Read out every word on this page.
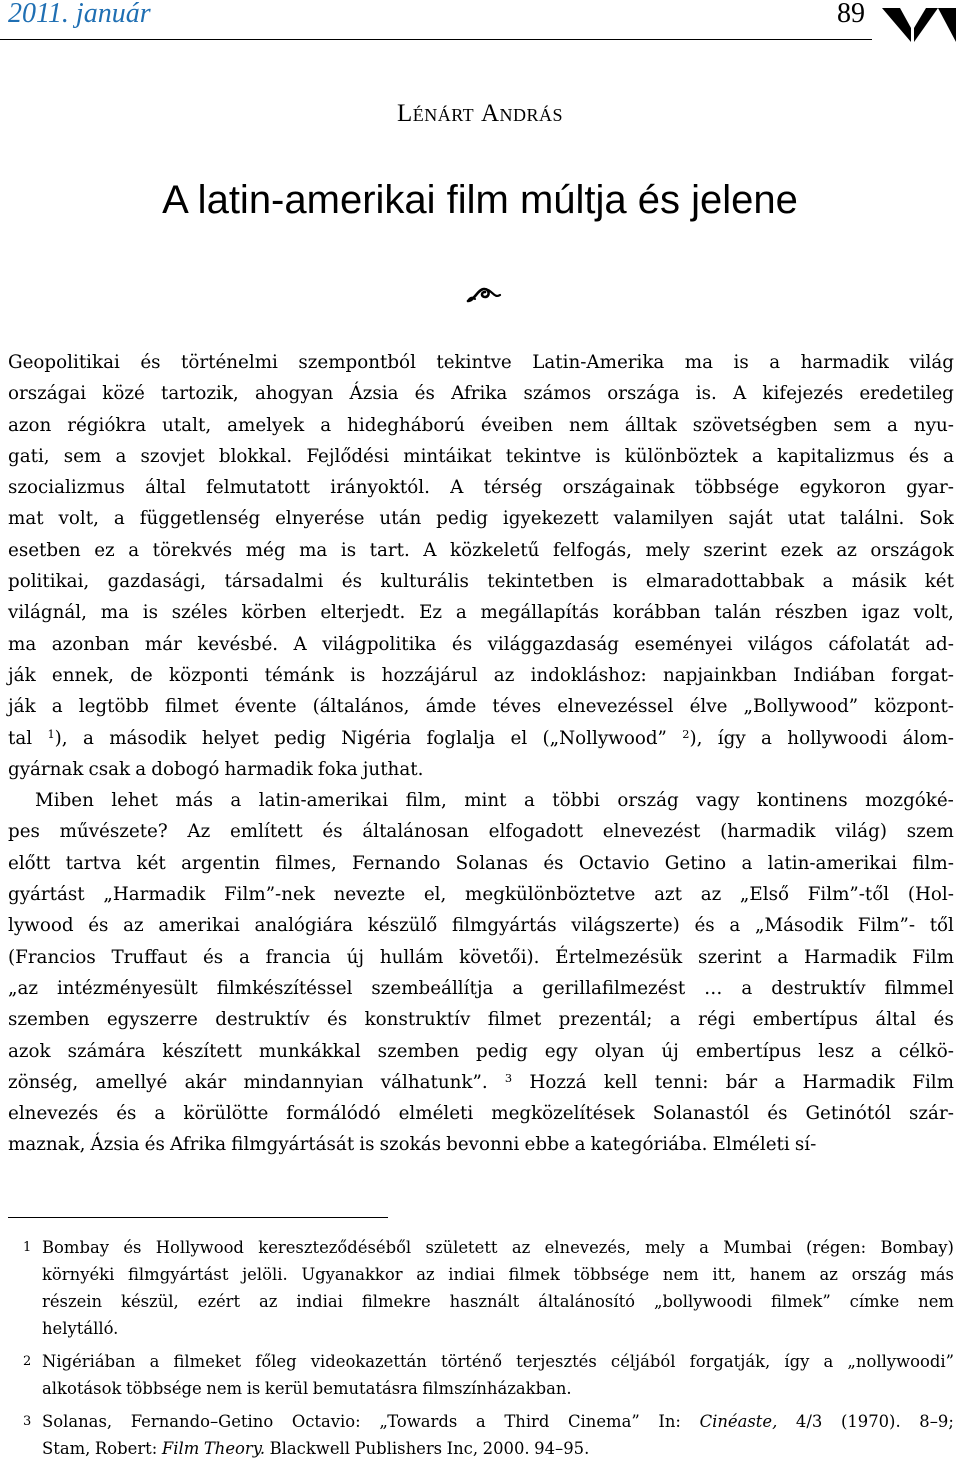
2011. január	89
LÉNÁRT ANDRÁS
A latin-amerikai film múltja és jelene
Geopolitikai és történelmi szempontból tekintve Latin-Amerika ma is a harmadik világ
országai közé tartozik, ahogyan Ázsia és Afrika számos országa is. A kifejezés eredetileg
azon régiókra utalt, amelyek a hidegháború éveiben nem álltak szövetségben sem a nyu-
gati, sem a szovjet blokkal. Fejlődési mintáikat tekintve is különböztek a kapitalizmus és a
szocializmus által felmutatott irányoktól. A térség országainak többsége egykoron gyar-
mat volt, a függetlenség elnyerése után pedig igyekezett valamilyen saját utat találni. Sok
esetben ez a törekvés még ma is tart. A közkeletű felfogás, mely szerint ezek az országok
politikai, gazdasági, társadalmi és kulturális tekintetben is elmaradottabbak a másik két
világnál, ma is széles körben elterjedt. Ez a megállapítás korábban talán részben igaz volt,
ma azonban már kevésbé. A világpolitika és világgazdaság eseményei világos cáfolatát ad-
ják ennek, de központi témánk is hozzájárul az indokláshoz: napjainkban Indiában forgat-
ják a legtöbb filmet évente (általános, ámde téves elnevezéssel élve „Bollywood” központ-
tal $^1$), a második helyet pedig Nigéria foglalja el („Nollywood” $^2$), így a hollywoodi álom-
gyárnak csak a dobogó harmadik foka juthat.
Miben lehet más a latin-amerikai film, mint a többi ország vagy kontinens mozgóké-
pes művészete? Az említett és általánosan elfogadott elnevezést (harmadik világ) szem
előtt tartva két argentin filmes, Fernando Solanas és Octavio Getino a latin-amerikai film-
gyártást „Harmadik Film”-nek nevezte el, megkülönböztetve azt az „Első Film”-től (Hol-
lywood és az amerikai analógiára készülő filmgyártás világszerte) és a „Második Film”- től
(Francios Truffaut és a francia új hullám követői). Értelmezésük szerint a Harmadik Film
„az intézményesült filmkészítéssel szembeállítja a gerillafilmezést … a destruktív filmmel
szemben egyszerre destruktív és konstruktív filmet prezentál; a régi embertípus által és
azok számára készített munkákkal szemben pedig egy olyan új embertípus lesz a célkö-
zönség, amellyé akár mindannyian válhatunk”. $^3$ Hozzá kell tenni: bár a Harmadik Film
elnevezés és a körülötte formálódó elméleti megközelítések Solanastól és Getinótól szár-
maznak, Ázsia és Afrika filmgyártását is szokás bevonni ebbe a kategóriába. Elméleti sí-
1 Bombay és Hollywood kereszteződéséből született az elnevezés, mely a Mumbai (régen: Bombay)
környéki filmgyártást jelöli. Ugyanakkor az indiai filmek többsége nem itt, hanem az ország más
részein készül, ezért az indiai filmekre használt általánosító „bollywoodi filmek” címke nem
helytálló.
2 Nigériában a filmeket főleg videokazettán történő terjesztés céljából forgatják, így a „nollywoodi”
alkotások többsége nem is kerül bemutatásra filmszínházakban.
3 Solanas, Fernando–Getino Octavio: „Towards a Third Cinema” In: Cinéaste, 4/3 (1970). 8–9;
Stam, Robert: Film Theory. Blackwell Publishers Inc, 2000. 94–95.
